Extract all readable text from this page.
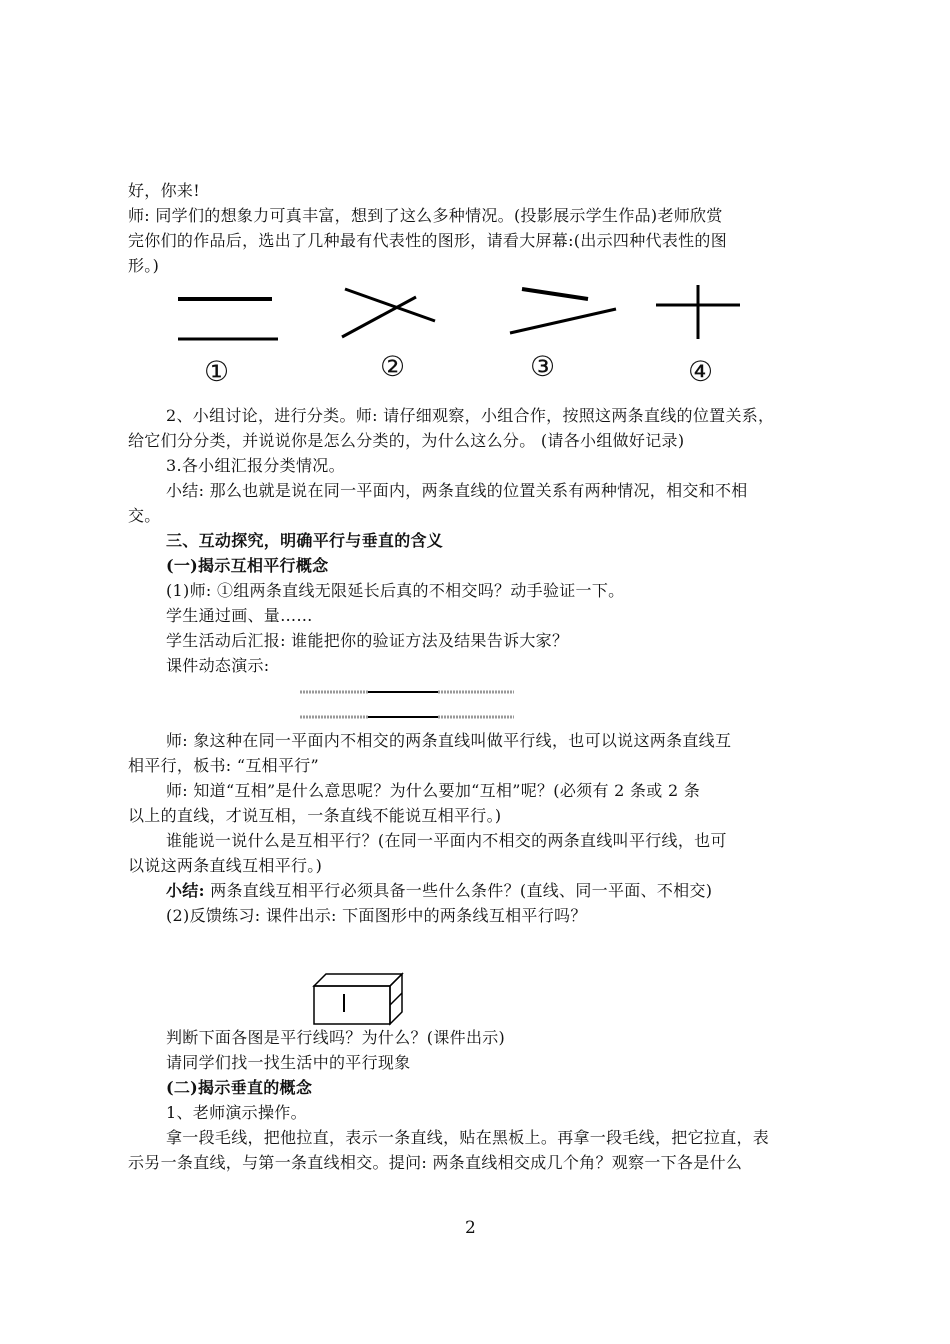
好，你来!
师: 同学们的想象力可真丰富，想到了这么多种情况。(投影展示学生作品)老师欣赏
完你们的作品后，选出了几种最有代表性的图形，请看大屏幕:(出示四种代表性的图
形。)
①	②	③	④
2、小组讨论，进行分类。师: 请仔细观察，小组合作，按照这两条直线的位置关系，
给它们分分类，并说说你是怎么分类的，为什么这么分。 (请各小组做好记录)
3.各小组汇报分类情况。
小结: 那么也就是说在同一平面内，两条直线的位置关系有两种情况，相交和不相
交。
三、互动探究，明确平行与垂直的含义
(一)揭示互相平行概念
(1)师: ①组两条直线无限延长后真的不相交吗？动手验证一下。
学生通过画、量……
学生活动后汇报: 谁能把你的验证方法及结果告诉大家？
课件动态演示:
师: 象这种在同一平面内不相交的两条直线叫做平行线，也可以说这两条直线互
相平行，板书: “互相平行”
师: 知道“互相”是什么意思呢？为什么要加“互相”呢？(必须有 2 条或 2 条
以上的直线，才说互相，一条直线不能说互相平行。)
谁能说一说什么是互相平行？(在同一平面内不相交的两条直线叫平行线，也可
以说这两条直线互相平行。)
小结: 两条直线互相平行必须具备一些什么条件？(直线、同一平面、不相交)
(2)反馈练习: 课件出示: 下面图形中的两条线互相平行吗？
判断下面各图是平行线吗？为什么？(课件出示)
请同学们找一找生活中的平行现象
(二)揭示垂直的概念
1、老师演示操作。
拿一段毛线，把他拉直，表示一条直线，贴在黑板上。再拿一段毛线，把它拉直，表
示另一条直线，与第一条直线相交。提问: 两条直线相交成几个角？观察一下各是什么
2
